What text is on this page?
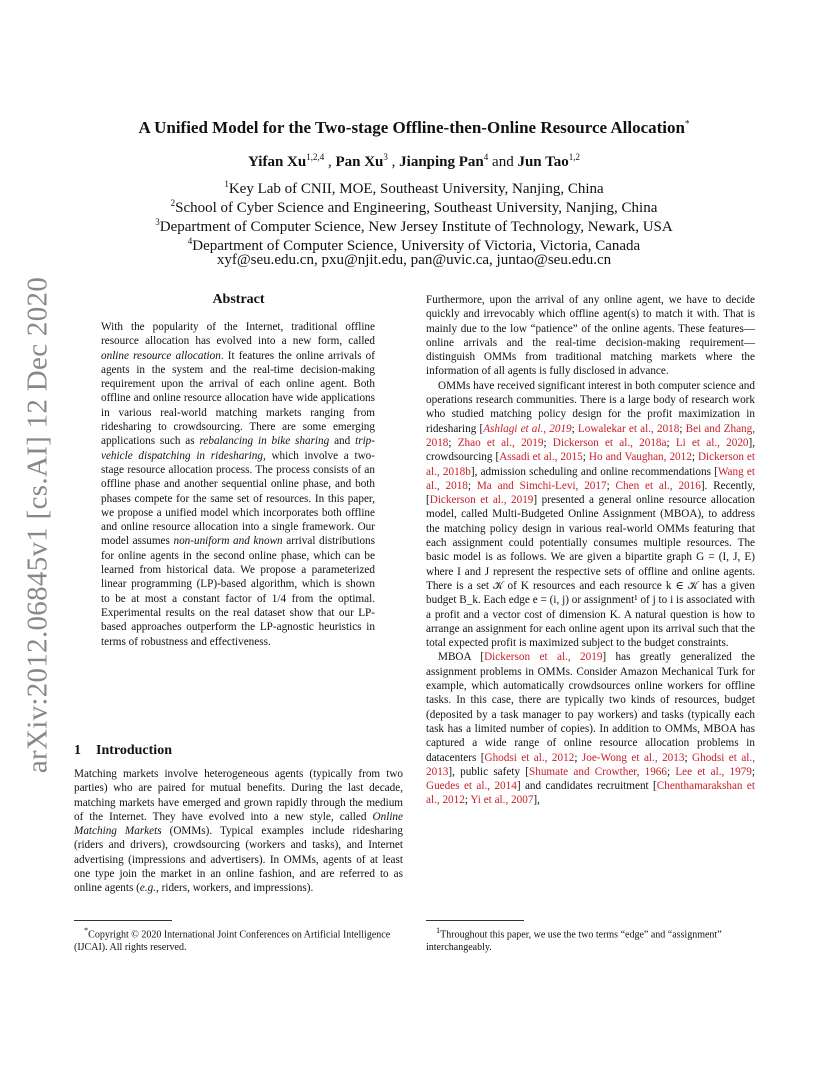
arXiv:2012.06845v1 [cs.AI] 12 Dec 2020
A Unified Model for the Two-stage Offline-then-Online Resource Allocation*
Yifan Xu$^{1,2,4}$ , Pan Xu$^3$ , Jianping Pan$^4$ and Jun Tao$^{1,2}$
$^1$Key Lab of CNII, MOE, Southeast University, Nanjing, China
$^2$School of Cyber Science and Engineering, Southeast University, Nanjing, China
$^3$Department of Computer Science, New Jersey Institute of Technology, Newark, USA
$^4$Department of Computer Science, University of Victoria, Victoria, Canada
xyf@seu.edu.cn, pxu@njit.edu, pan@uvic.ca, juntao@seu.edu.cn
Abstract
With the popularity of the Internet, traditional offline resource allocation has evolved into a new form, called online resource allocation. It features the online arrivals of agents in the system and the real-time decision-making requirement upon the arrival of each online agent. Both offline and online resource allocation have wide applications in various real-world matching markets ranging from ridesharing to crowdsourcing. There are some emerging applications such as rebalancing in bike sharing and trip-vehicle dispatching in ridesharing, which involve a two-stage resource allocation process. The process consists of an offline phase and another sequential online phase, and both phases compete for the same set of resources. In this paper, we propose a unified model which incorporates both offline and online resource allocation into a single framework. Our model assumes non-uniform and known arrival distributions for online agents in the second online phase, which can be learned from historical data. We propose a parameterized linear programming (LP)-based algorithm, which is shown to be at most a constant factor of 1/4 from the optimal. Experimental results on the real dataset show that our LP-based approaches outperform the LP-agnostic heuristics in terms of robustness and effectiveness.
1 Introduction

Matching markets involve heterogeneous agents (typically from two parties) who are paired for mutual benefits. During the last decade, matching markets have emerged and grown rapidly through the medium of the Internet. They have evolved into a new style, called Online Matching Markets (OMMs). Typical examples include ridesharing (riders and drivers), crowdsourcing (workers and tasks), and Internet advertising (impressions and advertisers). In OMMs, agents of at least one type join the market in an online fashion, and are referred to as online agents (e.g., riders, workers, and impressions).

*Copyright © 2020 International Joint Conferences on Artificial Intelligence (IJCAI). All rights reserved.

Furthermore, upon the arrival of any online agent, we have to decide quickly and irrevocably which offline agent(s) to match it with. That is mainly due to the low “patience” of the online agents. These features—online arrivals and the real-time decision-making requirement—distinguish OMMs from traditional matching markets where the information of all agents is fully disclosed in advance.

OMMs have received significant interest in both computer science and operations research communities. There is a large body of research work who studied matching policy design for the profit maximization in ridesharing [Ashlagi et al., 2019; Lowalekar et al., 2018; Bei and Zhang, 2018; Zhao et al., 2019; Dickerson et al., 2018a; Li et al., 2020], crowdsourcing [Assadi et al., 2015; Ho and Vaughan, 2012; Dickerson et al., 2018b], admission scheduling and online recommendations [Wang et al., 2018; Ma and Simchi-Levi, 2017; Chen et al., 2016]. Recently, [Dickerson et al., 2019] presented a general online resource allocation model, called Multi-Budgeted Online Assignment (MBOA), to address the matching policy design in various real-world OMMs featuring that each assignment could potentially consumes multiple resources. The basic model is as follows. We are given a bipartite graph G = (I, J, E) where I and J represent the respective sets of offline and online agents. There is a set 𝒦 of K resources and each resource k ∈ 𝒦 has a given budget B_k. Each edge e = (i, j) or assignment¹ of j to i is associated with a profit and a vector cost of dimension K. A natural question is how to arrange an assignment for each online agent upon its arrival such that the total expected profit is maximized subject to the budget constraints.

MBOA [Dickerson et al., 2019] has greatly generalized the assignment problems in OMMs. Consider Amazon Mechanical Turk for example, which automatically crowdsources online workers for offline tasks. In this case, there are typically two kinds of resources, budget (deposited by a task manager to pay workers) and tasks (typically each task has a limited number of copies). In addition to OMMs, MBOA has captured a wide range of online resource allocation problems in datacenters [Ghodsi et al., 2012; Joe-Wong et al., 2013; Ghodsi et al., 2013], public safety [Shumate and Crowther, 1966; Lee et al., 1979; Guedes et al., 2014] and candidates recruitment [Chenthamarakshan et al., 2012; Yi et al., 2007],

$^1$Throughout this paper, we use the two terms “edge” and “assignment” interchangeably.
